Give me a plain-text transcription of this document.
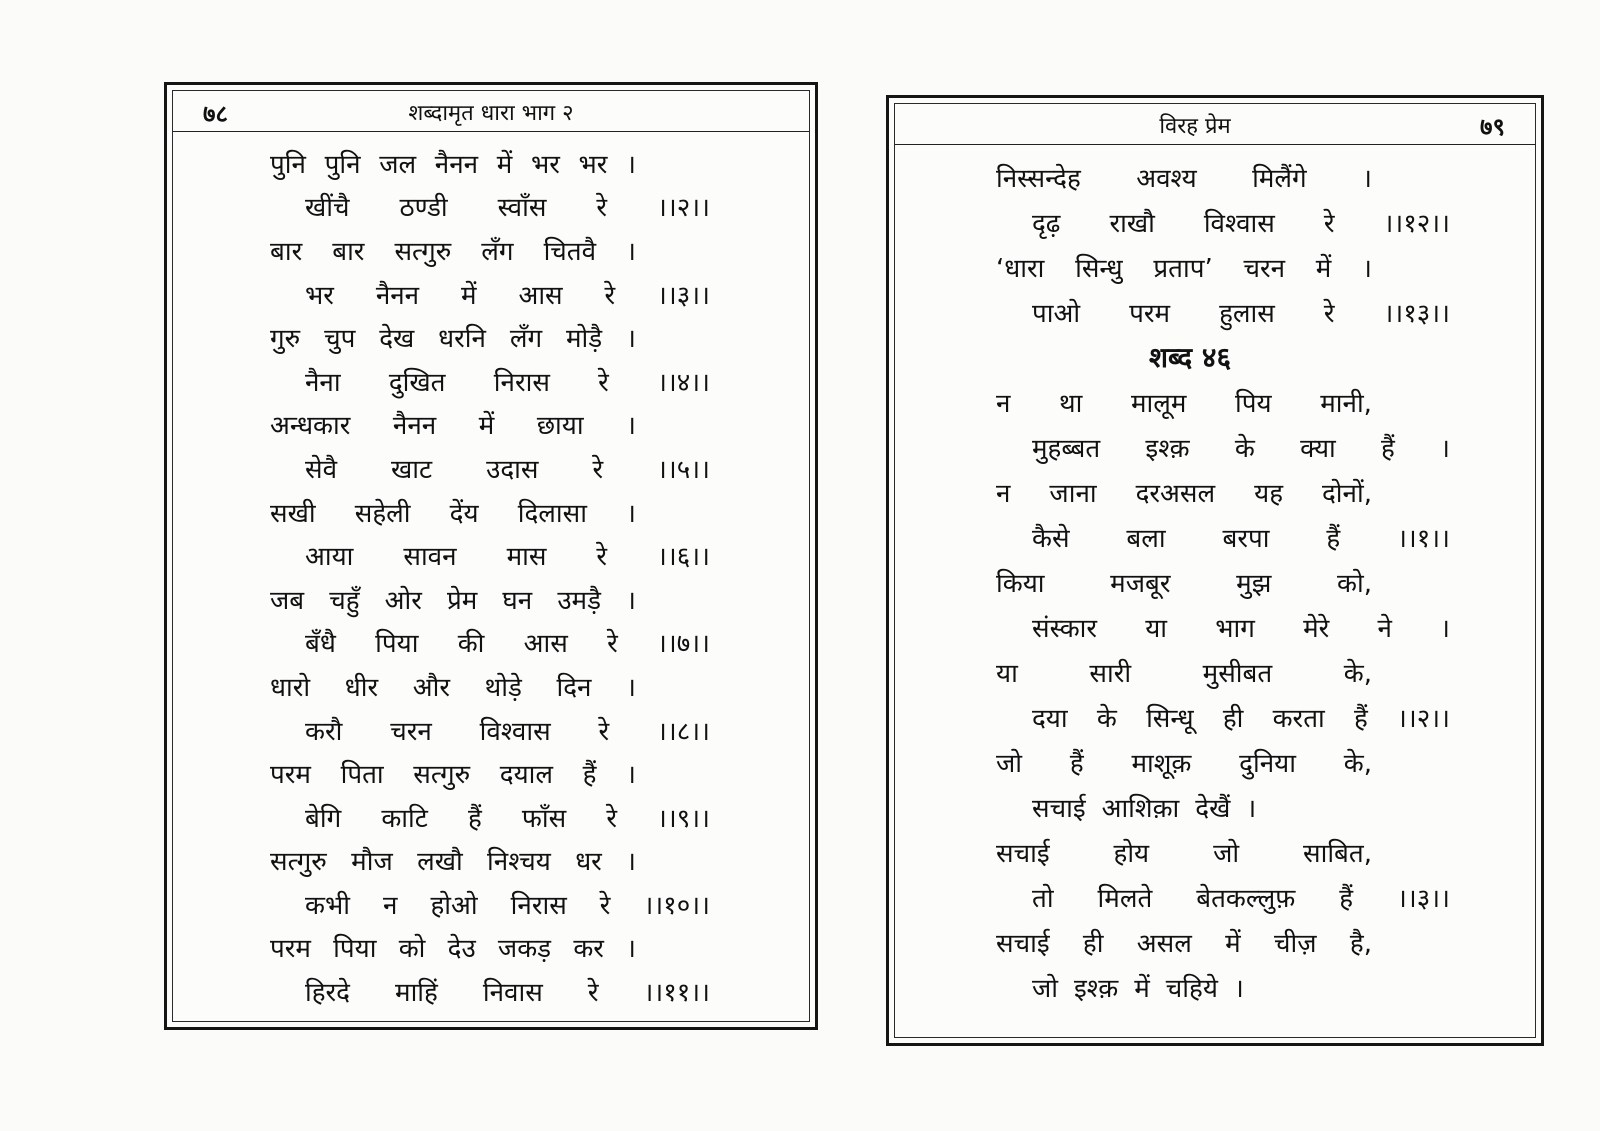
७८	शब्दामृत धारा भाग २
पुनि पुनि जल नैनन में भर भर ।
खींचै ठण्डी स्वाँस रे ।।२।।
बार बार सत्गुरु लँग चितवै ।
भर नैनन में आस रे ।।३।।
गुरु चुप देख धरनि लँग मोड़ै ।
नैना दुखित निरास रे ।।४।।
अन्धकार नैनन में छाया ।
सेवै खाट उदास रे ।।५।।
सखी सहेली देंय दिलासा ।
आया सावन मास रे ।।६।।
जब चहुँ ओर प्रेम घन उमड़ै ।
बँधै पिया की आस रे ।।७।।
धारो धीर और थोड़े दिन ।
करौ चरन विश्वास रे ।।८।।
परम पिता सत्गुरु दयाल हैं ।
बेगि काटि हैं फाँस रे ।।९।।
सत्गुरु मौज लखौ निश्चय धर ।
कभी न होओ निरास रे ।।१०।।
परम पिया को देउ जकड़ कर ।
हिरदे माहिं निवास रे ।।११।।
विरह प्रेम	७९
निस्सन्देह अवश्य मिलैंगे ।
दृढ़ राखौ विश्वास रे ।।१२।।
‘धारा सिन्धु प्रताप’ चरन में ।
पाओ परम हुलास रे ।।१३।।
शब्द ४६
न था मालूम पिय मानी,
मुहब्बत इश्क़ के क्या हैं ।
न जाना दरअसल यह दोनों,
कैसे बला बरपा हैं ।।१।।
किया	मजबूर	मुझ	को,
संस्कार या भाग मेरे ने ।
या	सारी	मुसीबत	के,
दया के सिन्धू ही करता हैं ।।२।।
जो हैं माशूक़ दुनिया के,
सचाई आशिक़ा देखैं ।
सचाई होय जो साबित,
तो मिलते बेतकल्लुफ़ हैं ।।३।।
सचाई ही असल में चीज़ है,
जो इश्क़ में चहिये ।
